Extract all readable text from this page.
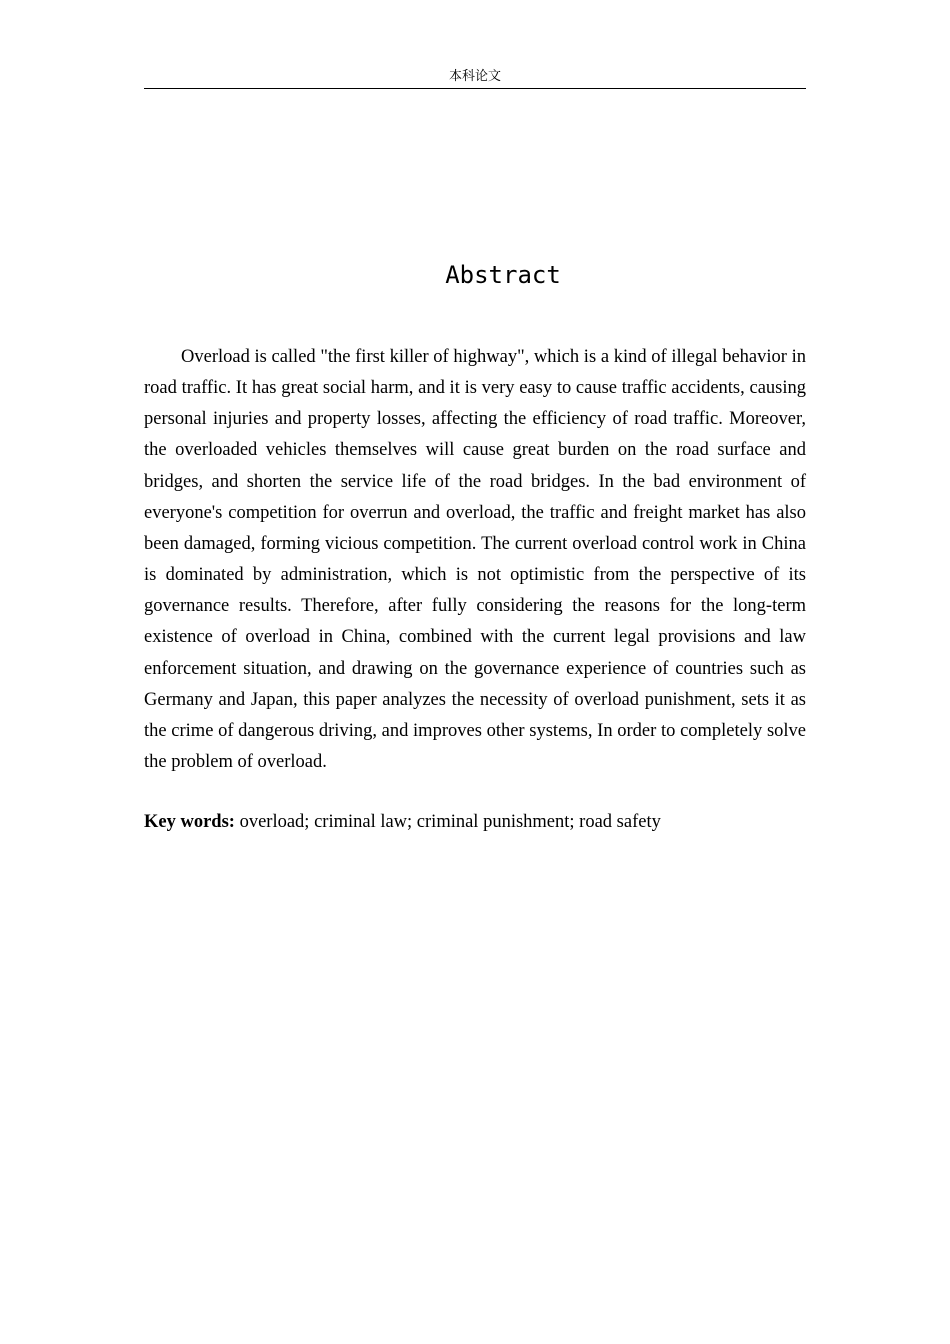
本科论文
Abstract

Overload is called "the first killer of highway", which is a kind of illegal behavior in road traffic. It has great social harm, and it is very easy to cause traffic accidents, causing personal injuries and property losses, affecting the efficiency of road traffic. Moreover, the overloaded vehicles themselves will cause great burden on the road surface and bridges, and shorten the service life of the road bridges. In the bad environment of everyone's competition for overrun and overload, the traffic and freight market has also been damaged, forming vicious competition. The current overload control work in China is dominated by administration, which is not optimistic from the perspective of its governance results. Therefore, after fully considering the reasons for the long-term existence of overload in China, combined with the current legal provisions and law enforcement situation, and drawing on the governance experience of countries such as Germany and Japan, this paper analyzes the necessity of overload punishment, sets it as the crime of dangerous driving, and improves other systems, In order to completely solve the problem of overload.

Key words: overload; criminal law; criminal punishment; road safety
